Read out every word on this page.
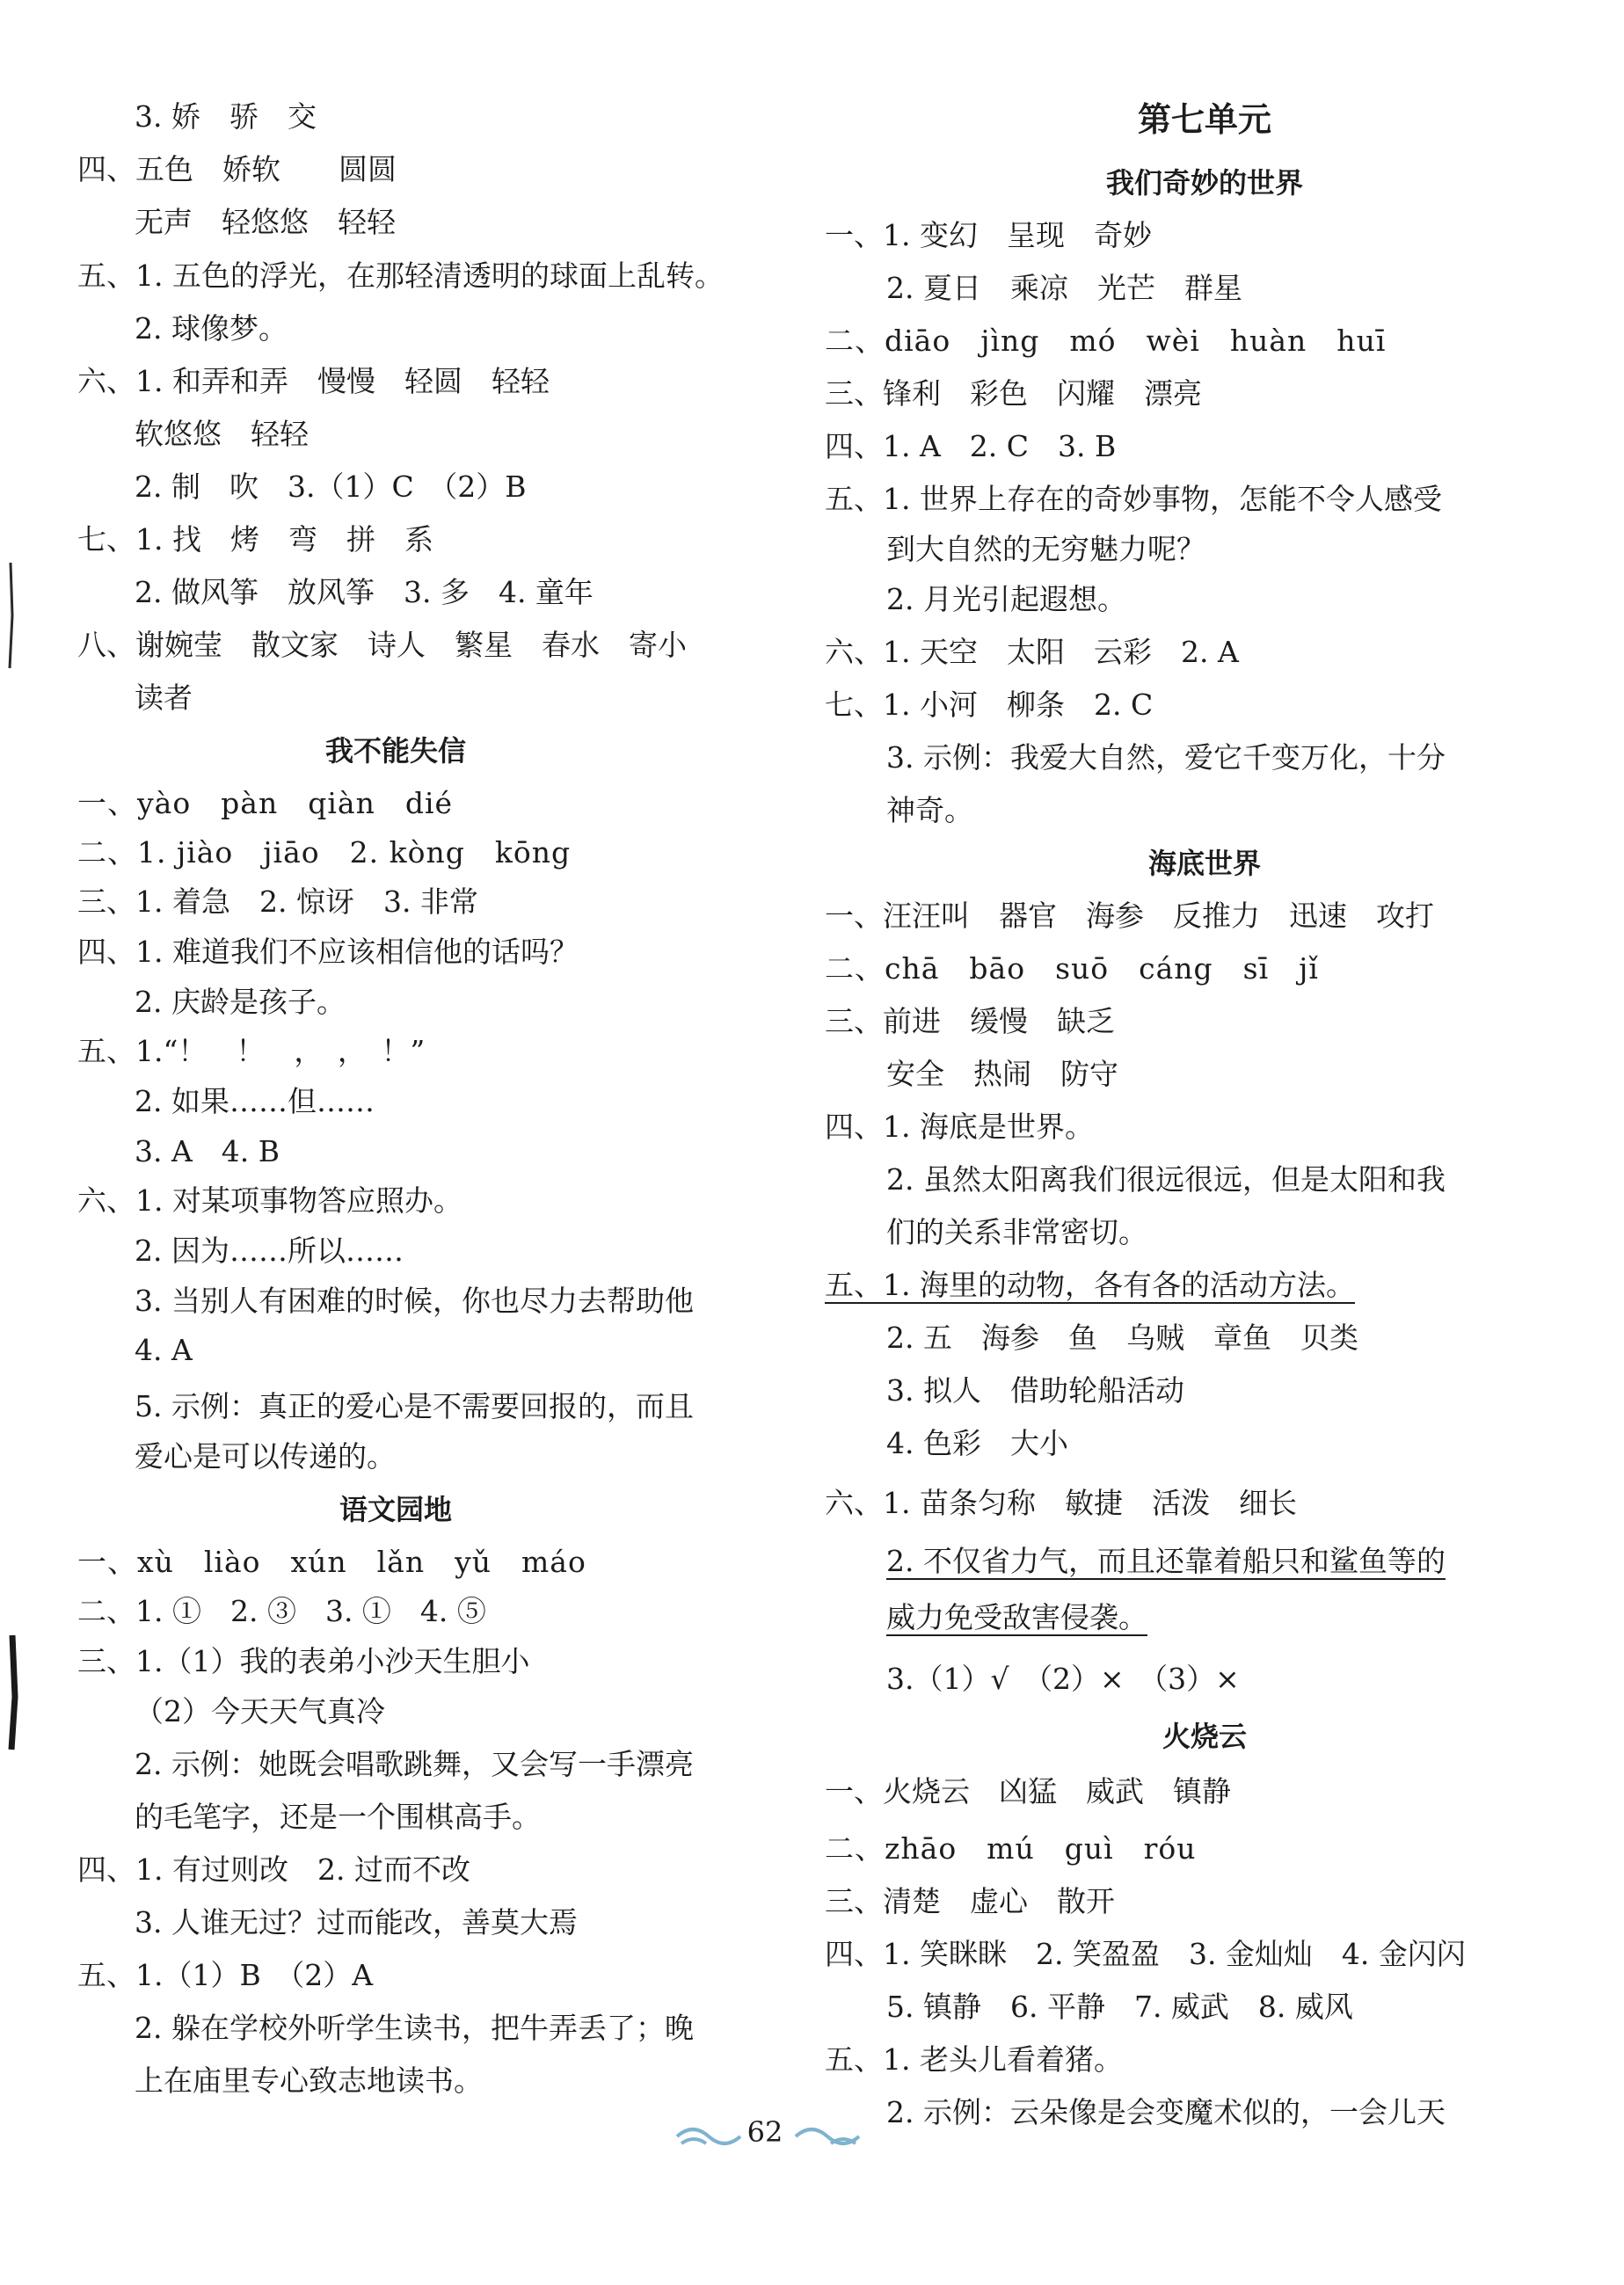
3. 娇　骄　交
四、五色　娇软　　圆圆
无声　轻悠悠　轻轻
五、1. 五色的浮光，在那轻清透明的球面上乱转。
2. 球像梦。
六、1. 和弄和弄　慢慢　轻圆　轻轻
软悠悠　轻轻
2. 制　吹　3.（1）C　（2）B
七、1. 找　烤　弯　拼　系
2. 做风筝　放风筝　3. 多　4. 童年
八、谢婉莹　散文家　诗人　繁星　春水　寄小
读者
我不能失信
一、yào　pàn　qiàn　dié
二、1. jiào　jiāo　2. kòng　kōng
三、1. 着急　2. 惊讶　3. 非常
四、1. 难道我们不应该相信他的话吗？
2. 庆龄是孩子。
五、1.“！　！　，　，　！”
2. 如果……但……
3. A　4. B
六、1. 对某项事物答应照办。
2. 因为……所以……
3. 当别人有困难的时候，你也尽力去帮助他
4. A
5. 示例：真正的爱心是不需要回报的，而且
爱心是可以传递的。
语文园地
一、xù　liào　xún　lǎn　yǔ　máo
二、1. ①　2. ③　3. ①　4. ⑤
三、1.（1）我的表弟小沙天生胆小
（2）今天天气真冷
2. 示例：她既会唱歌跳舞，又会写一手漂亮
的毛笔字，还是一个围棋高手。
四、1. 有过则改　2. 过而不改
3. 人谁无过？过而能改，善莫大焉
五、1.（1）B　（2）A
2. 躲在学校外听学生读书，把牛弄丢了；晚
上在庙里专心致志地读书。
第七单元
我们奇妙的世界
一、1. 变幻　呈现　奇妙
2. 夏日　乘凉　光芒　群星
二、diāo　jìng　mó　wèi　huàn　huī
三、锋利　彩色　闪耀　漂亮
四、1. A　2. C　3. B
五、1. 世界上存在的奇妙事物，怎能不令人感受
到大自然的无穷魅力呢？
2. 月光引起遐想。
六、1. 天空　太阳　云彩　2. A
七、1. 小河　柳条　2. C
3. 示例：我爱大自然，爱它千变万化，十分
神奇。
海底世界
一、汪汪叫　器官　海参　反推力　迅速　攻打
二、chā　bāo　suō　cáng　sī　jǐ
三、前进　缓慢　缺乏
安全　热闹　防守
四、1. 海底是世界。
2. 虽然太阳离我们很远很远，但是太阳和我
们的关系非常密切。
五、1. 海里的动物，各有各的活动方法。
2. 五　海参　鱼　乌贼　章鱼　贝类
3. 拟人　借助轮船活动
4. 色彩　大小
六、1. 苗条匀称　敏捷　活泼　细长
2. 不仅省力气，而且还靠着船只和鲨鱼等的
威力免受敌害侵袭。
3.（1）√　（2）×　（3）×
火烧云
一、火烧云　凶猛　威武　镇静
二、zhāo　mú　guì　róu
三、清楚　虚心　散开
四、1. 笑眯眯　2. 笑盈盈　3. 金灿灿　4. 金闪闪
5. 镇静　6. 平静　7. 威武　8. 威风
五、1. 老头儿看着猪。
2. 示例：云朵像是会变魔术似的，一会儿天
62
